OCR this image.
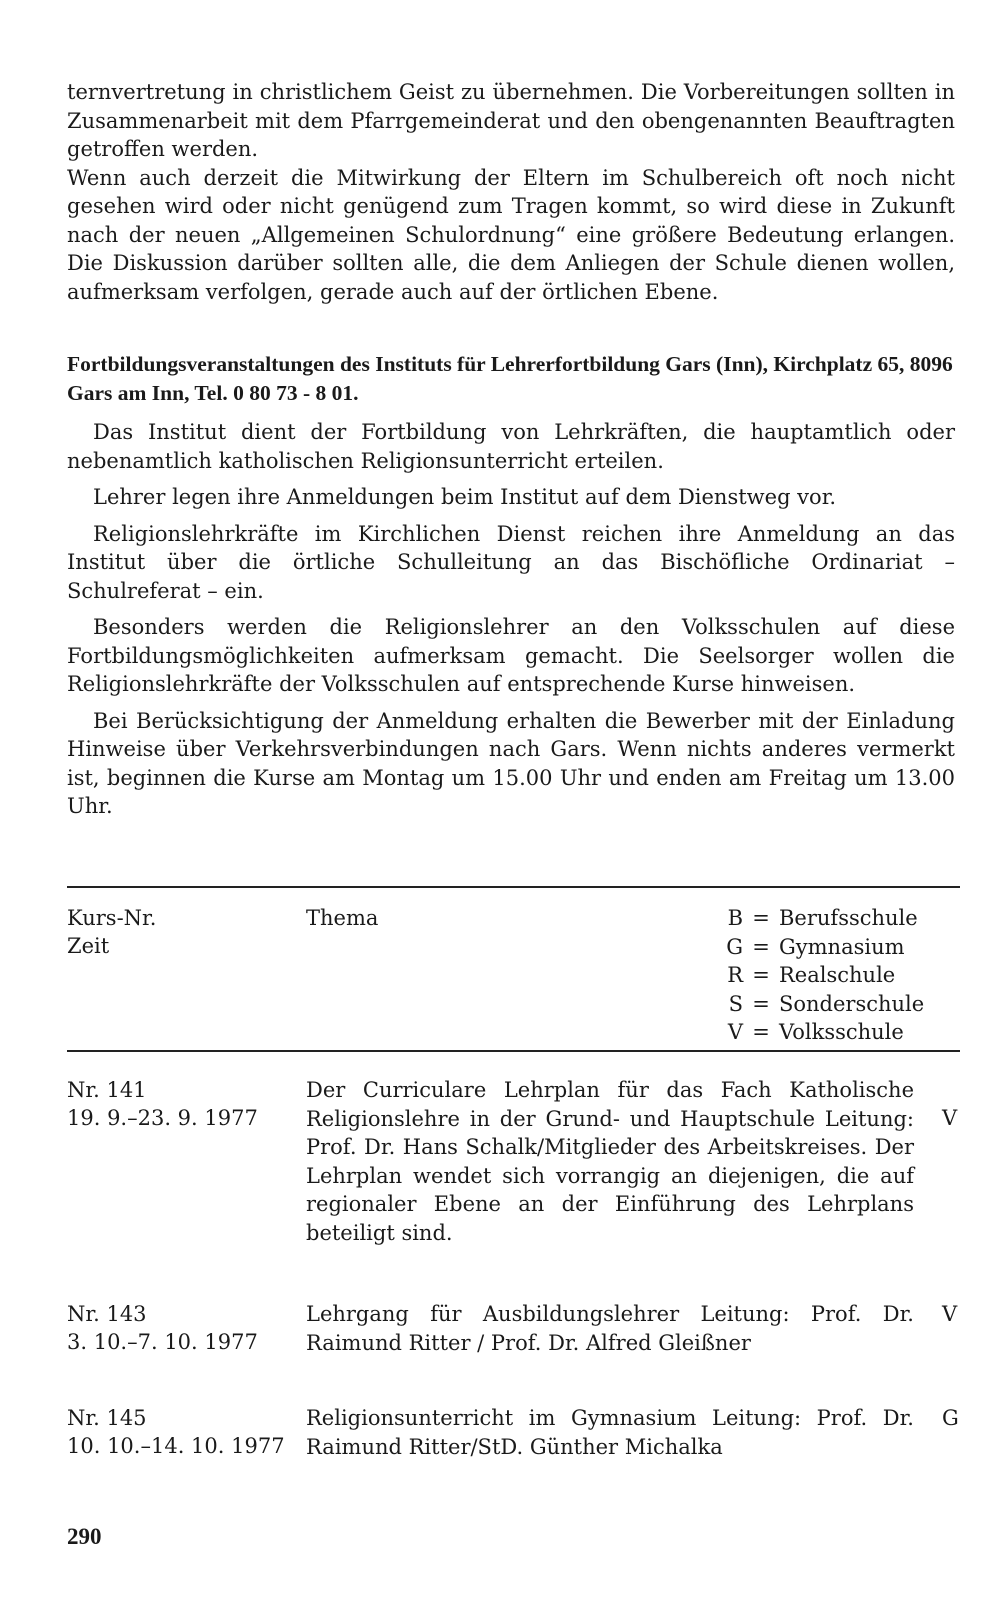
ternvertretung in christlichem Geist zu übernehmen. Die Vorbereitungen sollten in Zusammenarbeit mit dem Pfarrgemeinderat und den obengenannten Beauftragten getroffen werden.

Wenn auch derzeit die Mitwirkung der Eltern im Schulbereich oft noch nicht gesehen wird oder nicht genügend zum Tragen kommt, so wird diese in Zukunft nach der neuen „Allgemeinen Schulordnung“ eine größere Bedeutung erlangen. Die Diskussion darüber sollten alle, die dem Anliegen der Schule dienen wollen, aufmerksam verfolgen, gerade auch auf der örtlichen Ebene.

Fortbildungsveranstaltungen des Instituts für Lehrerfortbildung Gars (Inn), Kirchplatz 65, 8096 Gars am Inn, Tel. 0 80 73 - 8 01.

Das Institut dient der Fortbildung von Lehrkräften, die hauptamtlich oder nebenamtlich katholischen Religionsunterricht erteilen.

Lehrer legen ihre Anmeldungen beim Institut auf dem Dienstweg vor.

Religionslehrkräfte im Kirchlichen Dienst reichen ihre Anmeldung an das Institut über die örtliche Schulleitung an das Bischöfliche Ordinariat – Schulreferat – ein.

Besonders werden die Religionslehrer an den Volksschulen auf diese Fortbildungsmöglichkeiten aufmerksam gemacht. Die Seelsorger wollen die Religionslehrkräfte der Volksschulen auf entsprechende Kurse hinweisen.

Bei Berücksichtigung der Anmeldung erhalten die Bewerber mit der Einladung Hinweise über Verkehrsverbindungen nach Gars. Wenn nichts anderes vermerkt ist, beginnen die Kurse am Montag um 15.00 Uhr und enden am Freitag um 13.00 Uhr.

Kurs-Nr.
Zeit
Thema	B = Berufsschule
G = Gymnasium
R = Realschule
S = Sonderschule
V = Volksschule
Nr. 141
19. 9.–23. 9. 1977
Der Curriculare Lehrplan für das Fach Katholische Religionslehre in der Grund- und Hauptschule Leitung: Prof. Dr. Hans Schalk/Mitglieder des Arbeitskreises. Der Lehrplan wendet sich vorrangig an diejenigen, die auf regionaler Ebene an der Einführung des Lehrplans beteiligt sind.
V
Nr. 143
3. 10.–7. 10. 1977
Lehrgang für Ausbildungslehrer Leitung: Prof. Dr. Raimund Ritter / Prof. Dr. Alfred Gleißner
V
Nr. 145
10. 10.–14. 10. 1977
Religionsunterricht im Gymnasium Leitung: Prof. Dr. Raimund Ritter/StD. Günther Michalka
G
290
